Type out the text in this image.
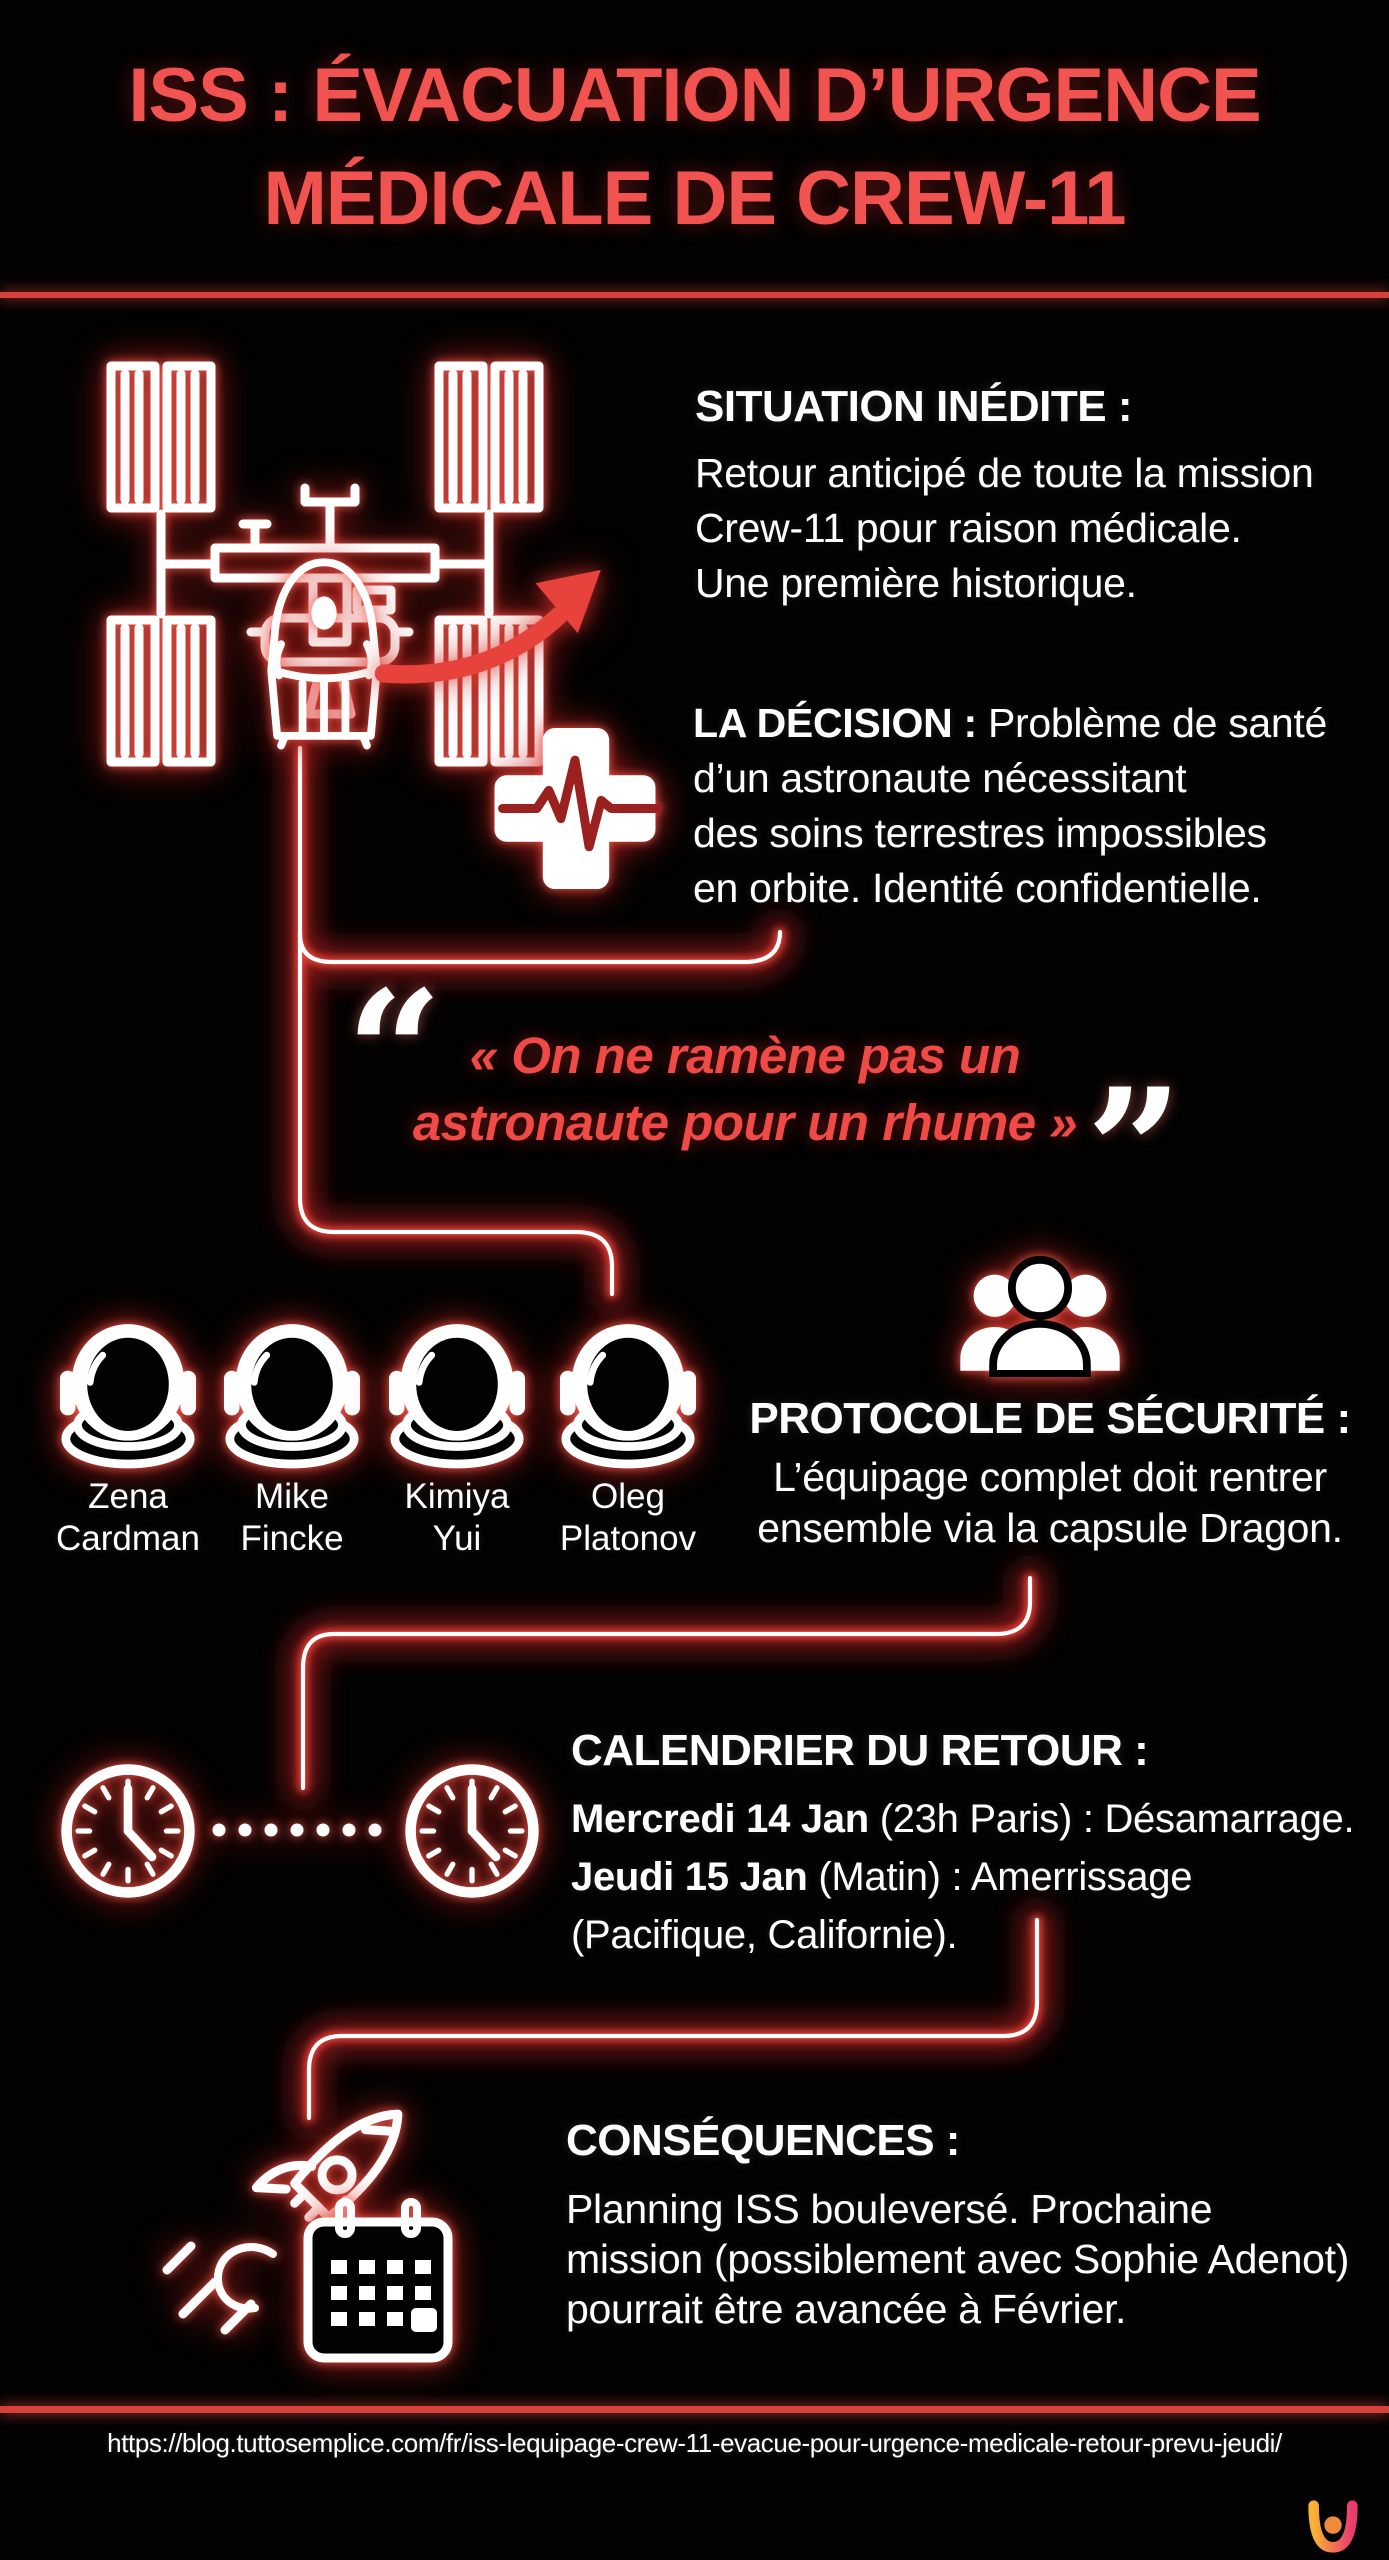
ISS : ÉVACUATION D’URGENCE
MÉDICALE DE CREW-11
SITUATION INÉDITE :
Retour anticipé de toute la mission
Crew-11 pour raison médicale.
Une première historique.
LA DÉCISION : Problème de santé
d’un astronaute nécessitant
des soins terrestres impossibles
en orbite. Identité confidentielle.
“ « On ne ramène pas un
astronaute pour un rhume » ”
Zena
Cardman
Mike
Fincke
Kimiya
Yui
Oleg
Platonov
PROTOCOLE DE SÉCURITÉ :
L’équipage complet doit rentrer
ensemble via la capsule Dragon.
CALENDRIER DU RETOUR :
Mercredi 14 Jan (23h Paris) : Désamarrage.
Jeudi 15 Jan (Matin) : Amerrissage
(Pacifique, Californie).
CONSÉQUENCES :
Planning ISS bouleversé. Prochaine
mission (possiblement avec Sophie Adenot)
pourrait être avancée à Février.
https://blog.tuttosemplice.com/fr/iss-lequipage-crew-11-evacue-pour-urgence-medicale-retour-prevu-jeudi/
